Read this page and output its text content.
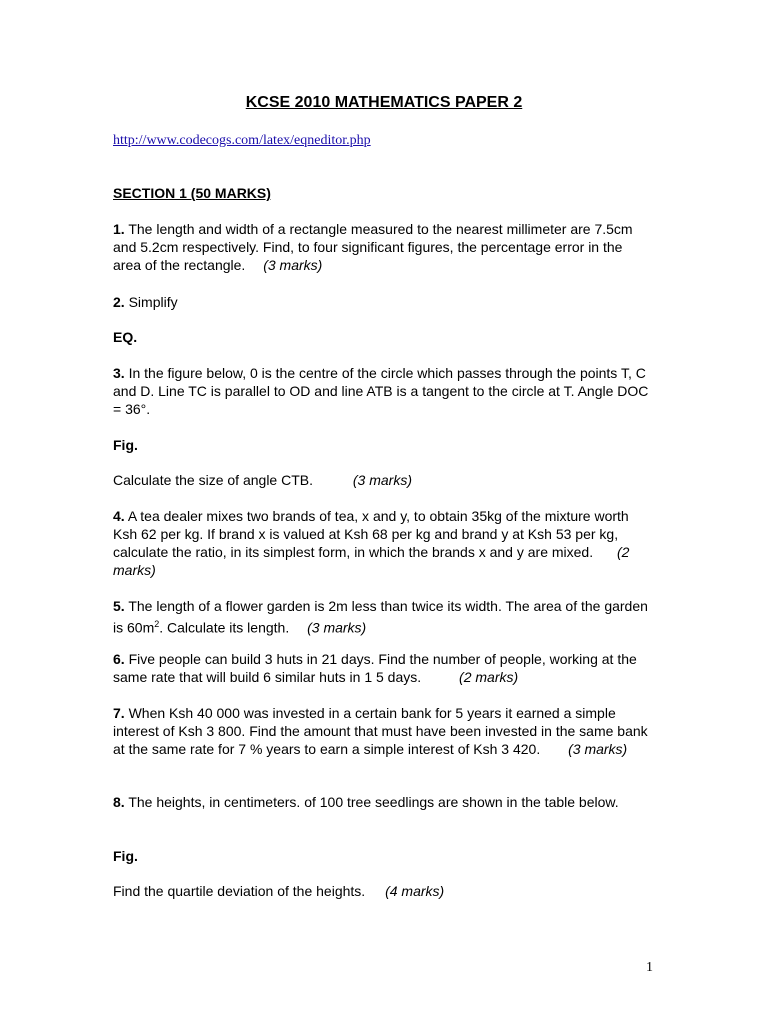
KCSE 2010 MATHEMATICS PAPER 2
http://www.codecogs.com/latex/eqneditor.php
SECTION 1 (50 MARKS)
1. The length and width of a rectangle measured to the nearest millimeter are 7.5cm and 5.2cm respectively. Find, to four significant figures, the percentage error in the area of the rectangle. (3 marks)
2. Simplify
EQ.
3. In the figure below, 0 is the centre of the circle which passes through the points T, C and D. Line TC is parallel to OD and line ATB is a tangent to the circle at T. Angle DOC = 36°.
Fig.
Calculate the size of angle CTB.	(3 marks)
4. A tea dealer mixes two brands of tea, x and y, to obtain 35kg of the mixture worth Ksh 62 per kg. If brand x is valued at Ksh 68 per kg and brand y at Ksh 53 per kg, calculate the ratio, in its simplest form, in which the brands x and y are mixed. (2 marks)
5. The length of a flower garden is 2m less than twice its width. The area of the garden is $60m^2$. Calculate its length. (3 marks)
6. Five people can build 3 huts in 21 days. Find the number of people, working at the same rate that will build 6 similar huts in 1 5 days.	(2 marks)
7. When Ksh 40 000 was invested in a certain bank for 5 years it earned a simple interest of Ksh 3 800. Find the amount that must have been invested in the same bank at the same rate for 7 % years to earn a simple interest of Ksh 3 420. (3 marks)
8. The heights, in centimeters. of 100 tree seedlings are shown in the table below.
Fig.
Find the quartile deviation of the heights. (4 marks)
1
